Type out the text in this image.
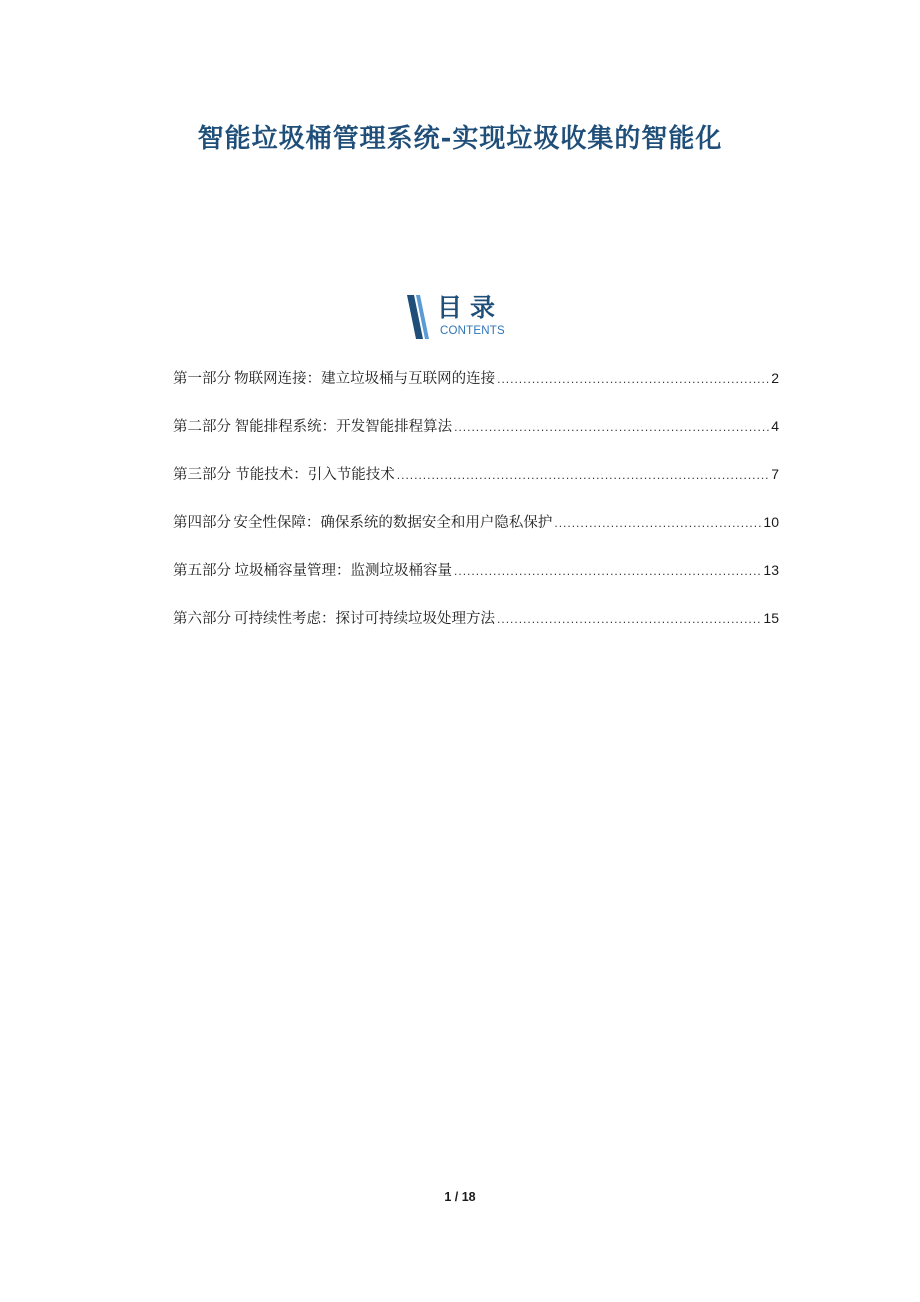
智能垃圾桶管理系统-实现垃圾收集的智能化
目录
CONTENTS
第一部分 物联网连接：建立垃圾桶与互联网的连接 .....	2
第二部分 智能排程系统：开发智能排程算法 .....	4
第三部分 节能技术：引入节能技术 .....	7
第四部分 安全性保障：确保系统的数据安全和用户隐私保护 .....	10
第五部分 垃圾桶容量管理：监测垃圾桶容量 .....	13
第六部分 可持续性考虑：探讨可持续垃圾处理方法 .....	15
1 / 18
